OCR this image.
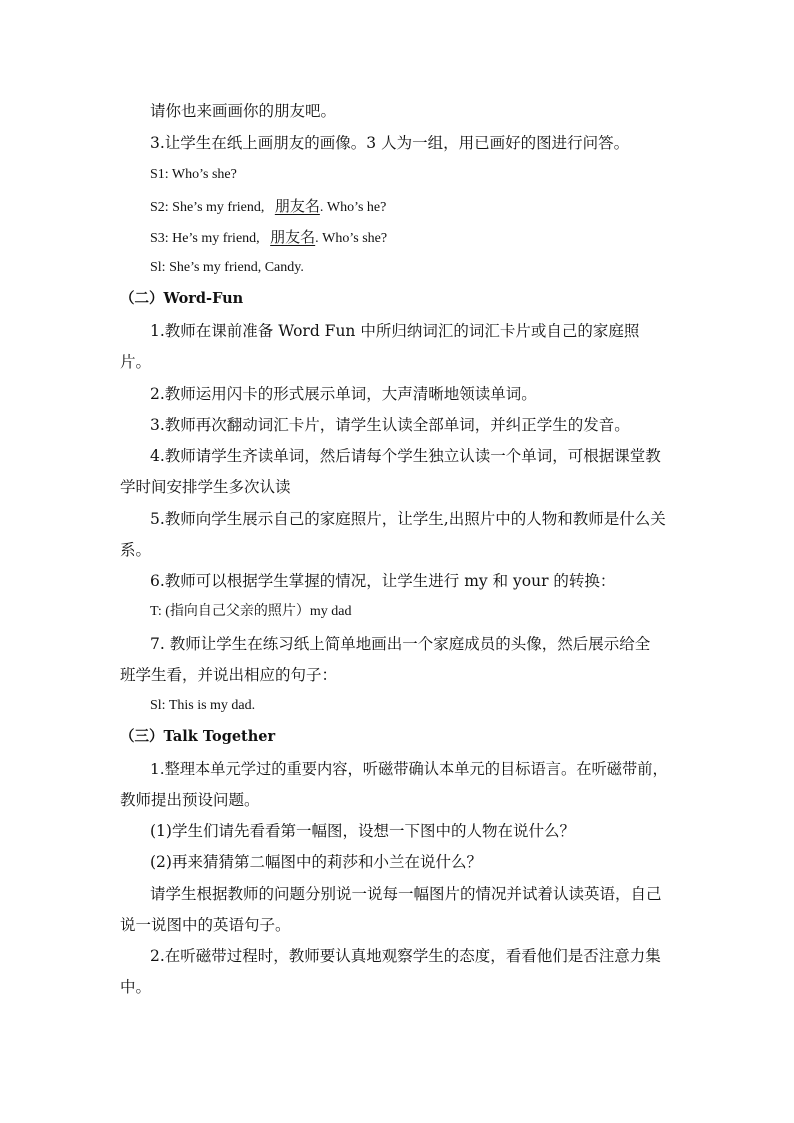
请你也来画画你的朋友吧。
3.让学生在纸上画朋友的画像。3 人为一组，用已画好的图进行问答。
S1: Who’s she?
S2: She’s my friend, 朋友名. Who’s he?
S3: He’s my friend, 朋友名. Who’s she?
Sl: She’s my friend, Candy.
（二）Word-Fun
1.教师在课前准备 Word Fun 中所归纳词汇的词汇卡片或自己的家庭照
片。
2.教师运用闪卡的形式展示单词，大声清晰地领读单词。
3.教师再次翻动词汇卡片，请学生认读全部单词，并纠正学生的发音。
4.教师请学生齐读单词，然后请每个学生独立认读一个单词，可根据课堂教
学时间安排学生多次认读
5.教师向学生展示自己的家庭照片，让学生,出照片中的人物和教师是什么关
系。
6.教师可以根据学生掌握的情况，让学生进行 my 和 your 的转换：
T: (指向自己父亲的照片）my dad
7. 教师让学生在练习纸上简单地画出一个家庭成员的头像，然后展示给全
班学生看，并说出相应的句子：
Sl: This is my dad.
（三）Talk Together
1.整理本单元学过的重要内容，听磁带确认本单元的目标语言。在听磁带前，
教师提出预设问题。
(1)学生们请先看看第一幅图，设想一下图中的人物在说什么？
(2)再来猜猜第二幅图中的莉莎和小兰在说什么？
请学生根据教师的问题分别说一说每一幅图片的情况并试着认读英语，自己
说一说图中的英语句子。
2.在听磁带过程时，教师要认真地观察学生的态度，看看他们是否注意力集
中。
